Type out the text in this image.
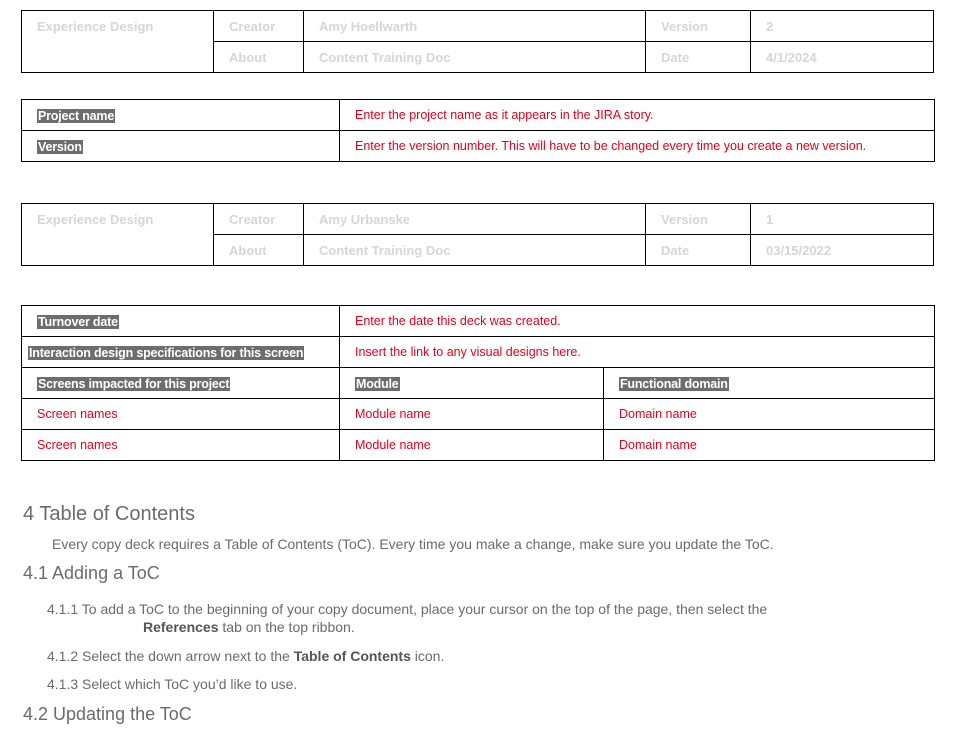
Experience Design	Creator	Amy Hoellwarth	Version	2
	About	Content Training Doc	Date	4/1/2024
Project name	Enter the project name as it appears in the JIRA story.
Version	Enter the version number. This will have to be changed every time you create a new version.
Experience Design	Creator	Amy Urbanske	Version	1
	About	Content Training Doc	Date	03/15/2022
Turnover date	Enter the date this deck was created.	
Interaction design specifications for this screen	Insert the link to any visual designs here.	
Screens impacted for this project	Module	Functional domain
Screen names	Module name	Domain name
Screen names	Module name	Domain name
4 Table of Contents

Every copy deck requires a Table of Contents (ToC). Every time you make a change, make sure you update the ToC.

4.1 Adding a ToC

4.1.1 To add a ToC to the beginning of your copy document, place your cursor on the top of the page, then select the

References tab on the top ribbon.

4.1.2 Select the down arrow next to the Table of Contents icon.

4.1.3 Select which ToC you’d like to use.

4.2 Updating the ToC
